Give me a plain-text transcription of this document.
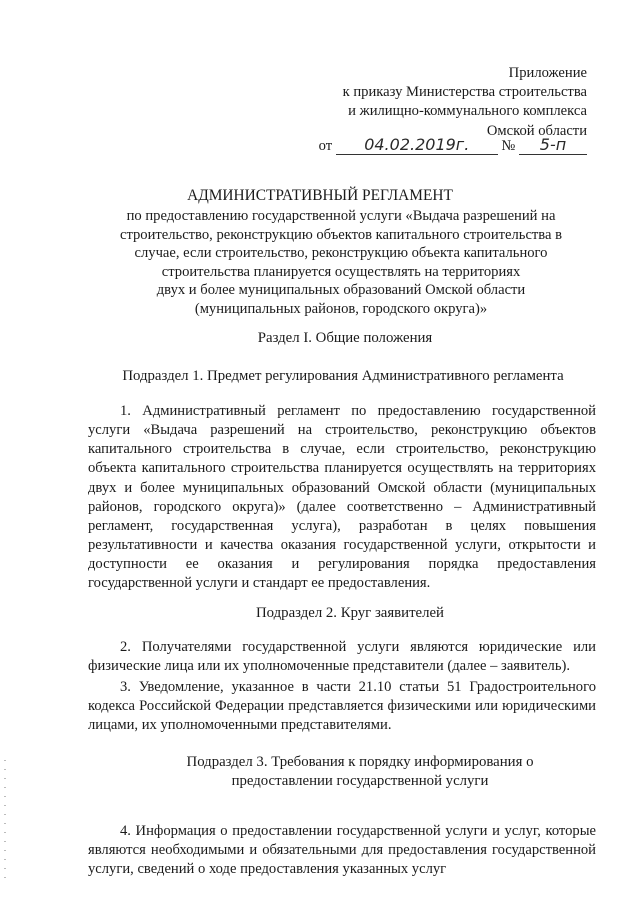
Приложение
к приказу Министерства строительства
и жилищно-коммунального комплекса
Омской области
от 04.02.2019г. № 5-п
АДМИНИСТРАТИВНЫЙ РЕГЛАМЕНТ
по предоставлению государственной услуги «Выдача разрешений на
строительство, реконструкцию объектов капитального строительства в
случае, если строительство, реконструкцию объекта капитального
строительства планируется осуществлять на территориях
двух и более муниципальных образований Омской области
(муниципальных районов, городского округа)»
Раздел I. Общие положения
Подраздел 1. Предмет регулирования Административного регламента
1. Административный регламент по предоставлению государственной услуги «Выдача разрешений на строительство, реконструкцию объектов капитального строительства в случае, если строительство, реконструкцию объекта капитального строительства планируется осуществлять на территориях двух и более муниципальных образований Омской области (муниципальных районов, городского округа)» (далее соответственно – Административный регламент, государственная услуга), разработан в целях повышения результативности и качества оказания государственной услуги, открытости и доступности ее оказания и регулирования порядка предоставления государственной услуги и стандарт ее предоставления.
Подраздел 2. Круг заявителей
2. Получателями государственной услуги являются юридические или физические лица или их уполномоченные представители (далее – заявитель).
3. Уведомление, указанное в части 21.10 статьи 51 Градостроительного кодекса Российской Федерации представляется физическими или юридическими лицами, их уполномоченными представителями.
Подраздел 3. Требования к порядку информирования о
предоставлении государственной услуги
4. Информация о предоставлении государственной услуги и услуг, которые являются необходимыми и обязательными для предоставления государственной услуги, сведений о ходе предоставления указанных услуг
